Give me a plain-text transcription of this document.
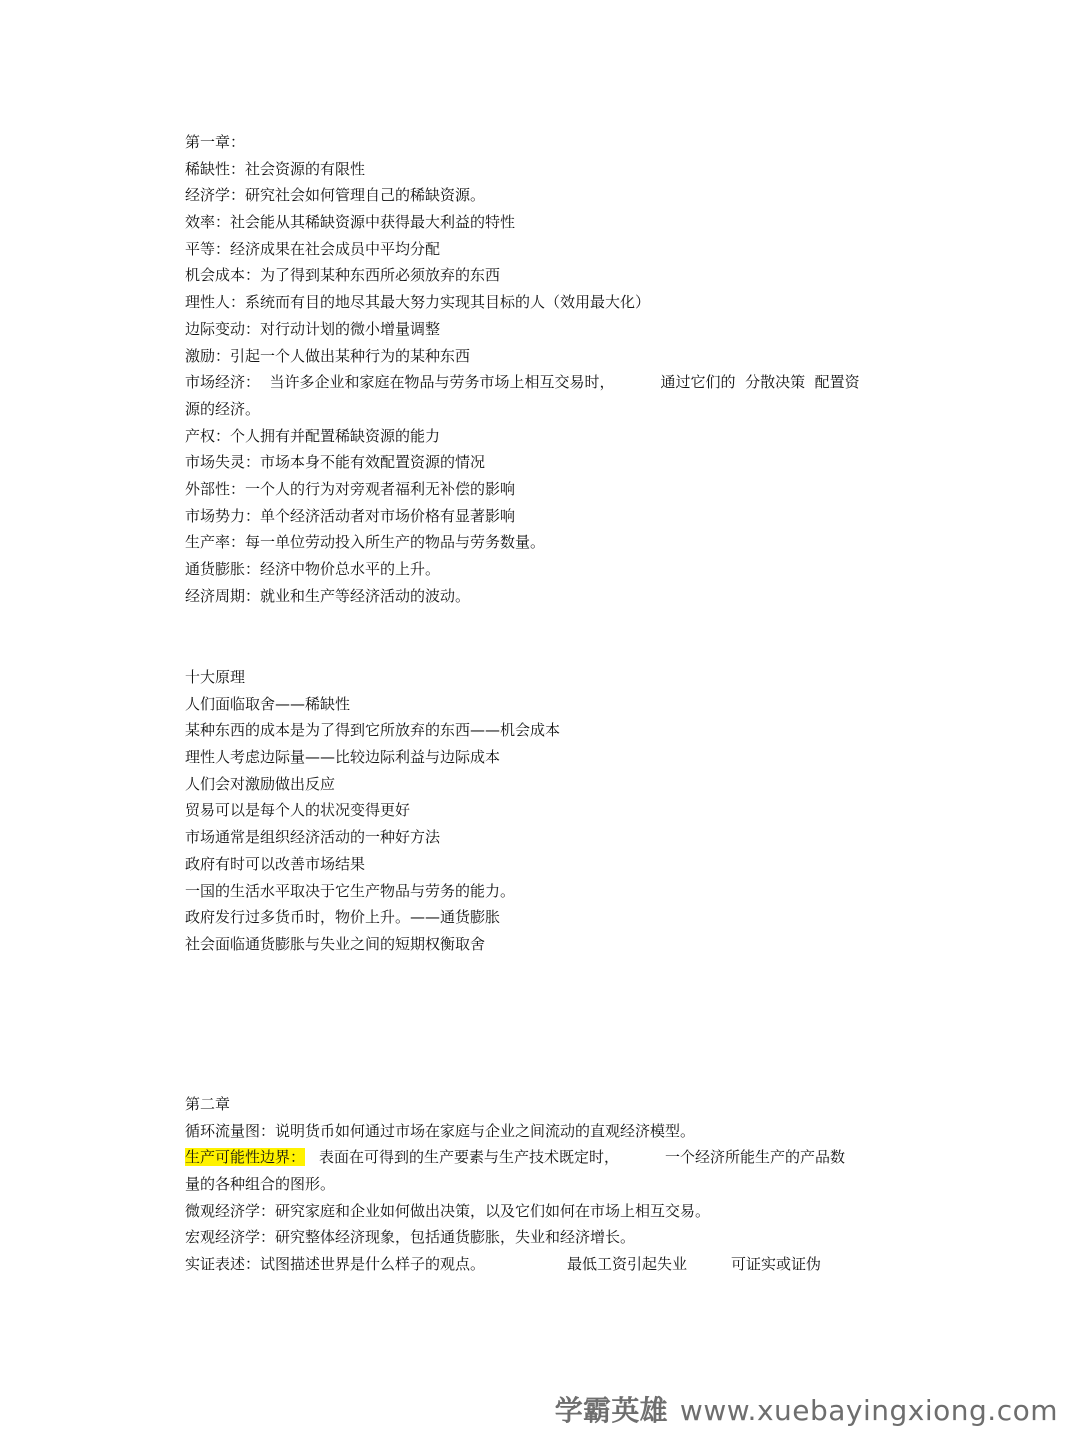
第一章：
稀缺性：社会资源的有限性
经济学：研究社会如何管理自己的稀缺资源。
效率：社会能从其稀缺资源中获得最大利益的特性
平等：经济成果在社会成员中平均分配
机会成本：为了得到某种东西所必须放弃的东西
理性人：系统而有目的地尽其最大努力实现其目标的人（效用最大化）
边际变动：对行动计划的微小增量调整
激励：引起一个人做出某种行为的某种东西
市场经济：  当许多企业和家庭在物品与劳务市场上相互交易时，	通过它们的  分散决策  配置资
源的经济。
产权：个人拥有并配置稀缺资源的能力
市场失灵：市场本身不能有效配置资源的情况
外部性：一个人的行为对旁观者福利无补偿的影响
市场势力：单个经济活动者对市场价格有显著影响
生产率：每一单位劳动投入所生产的物品与劳务数量。
通货膨胀：经济中物价总水平的上升。
经济周期：就业和生产等经济活动的波动。
十大原理
人们面临取舍——稀缺性
某种东西的成本是为了得到它所放弃的东西——机会成本
理性人考虑边际量——比较边际利益与边际成本
人们会对激励做出反应
贸易可以是每个人的状况变得更好
市场通常是组织经济活动的一种好方法
政府有时可以改善市场结果
一国的生活水平取决于它生产物品与劳务的能力。
政府发行过多货币时，物价上升。——通货膨胀
社会面临通货膨胀与失业之间的短期权衡取舍
第二章
循环流量图：说明货币如何通过市场在家庭与企业之间流动的直观经济模型。
生产可能性边界： 表面在可得到的生产要素与生产技术既定时，	一个经济所能生产的产品数
量的各种组合的图形。
微观经济学：研究家庭和企业如何做出决策，以及它们如何在市场上相互交易。
宏观经济学：研究整体经济现象，包括通货膨胀，失业和经济增长。
实证表述：试图描述世界是什么样子的观点。	最低工资引起失业	可证实或证伪
学霸英雄 www.xuebayingxiong.com
